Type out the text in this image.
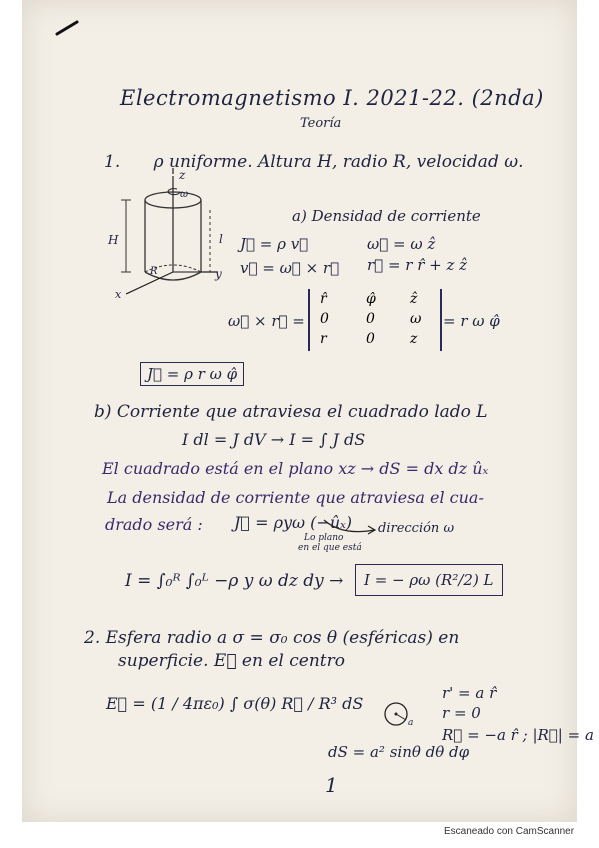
Electromagnetismo I. 2021-22. (2nda)
Teoría
1. ρ uniforme. Altura H, radio R, velocidad ω.
z
y
x
H	l
R
ω
a) Densidad de corriente
J⃗ = ρ v⃗
v⃗ = ω⃗ × r⃗
ω⃗ = ω ẑ
r⃗ = r r̂ + z ẑ
ω⃗ × r⃗ =
r̂	φ̂ ẑ
0	0	ω
r	0	z
= r ω φ̂
J⃗ = ρ r ω φ̂
b) Corriente que atraviesa el cuadrado lado L
I dl = J dV → I = ∫ J dS
El cuadrado está en el plano xz → dS = dx dz ûₓ
La densidad de corriente que atraviesa el cua-
drado será : J⃗ = ρyω (−ûₓ) dirección ω
Lo plano
en el que está
I = ∫₀ᴿ ∫₀ᴸ −ρ y ω dz dy →	I = − ρω (R²/2) L
2. Esfera radio a σ = σ₀ cos θ (esféricas) en
superficie. E⃗ en el centro
E⃗ = (1 / 4πε₀) ∫ σ(θ) R⃗ / R³ dS
a
r' = a r̂
r = 0
R⃗ = −a r̂ ; |R⃗| = a
dS = a² sinθ dθ dφ
1
Escaneado con CamScanner
